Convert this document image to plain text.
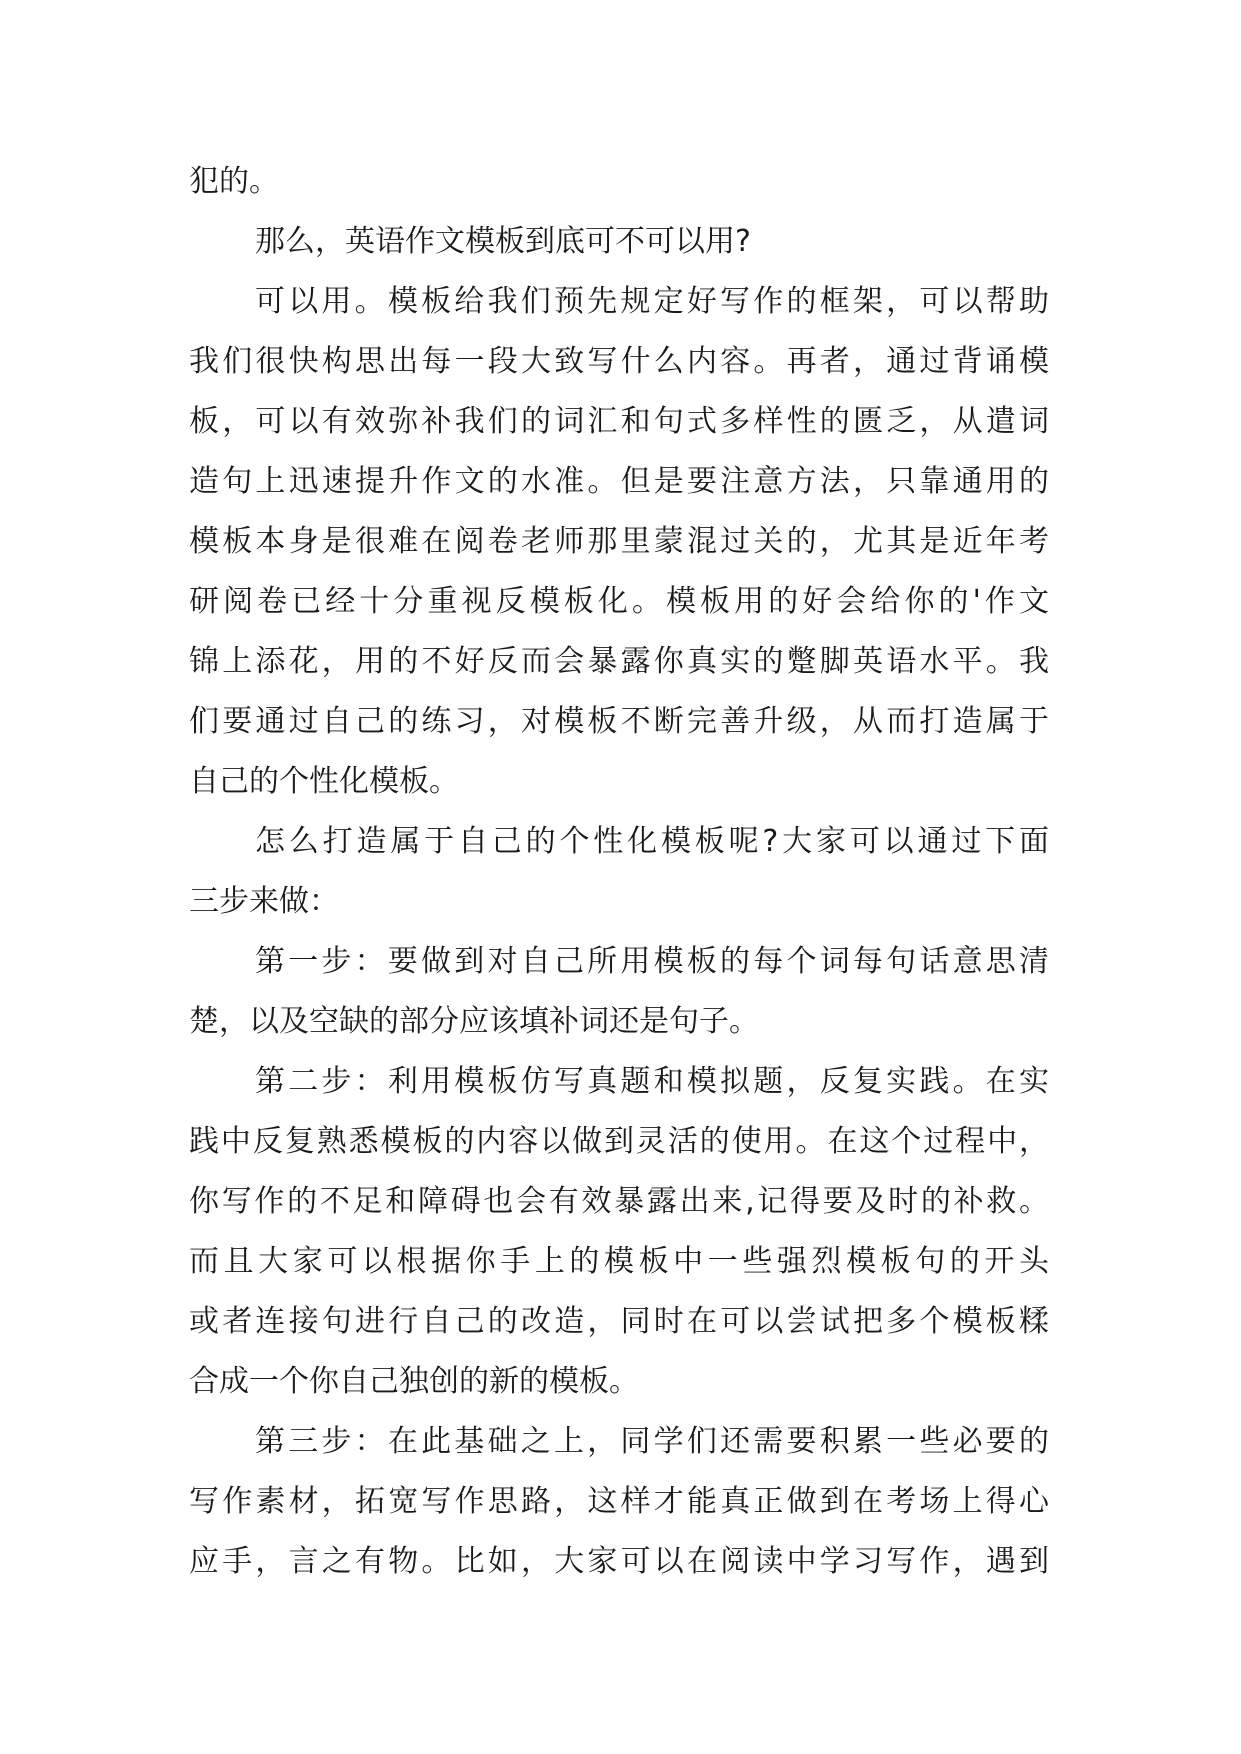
犯的。
那么，英语作文模板到底可不可以用?
可以用。模板给我们预先规定好写作的框架，可以帮助
我们很快构思出每一段大致写什么内容。再者，通过背诵模
板，可以有效弥补我们的词汇和句式多样性的匮乏，从遣词
造句上迅速提升作文的水准。但是要注意方法，只靠通用的
模板本身是很难在阅卷老师那里蒙混过关的，尤其是近年考
研阅卷已经十分重视反模板化。模板用的好会给你的'作文
锦上添花，用的不好反而会暴露你真实的蹩脚英语水平。我
们要通过自己的练习，对模板不断完善升级，从而打造属于
自己的个性化模板。
怎么打造属于自己的个性化模板呢?大家可以通过下面
三步来做：
第一步：要做到对自己所用模板的每个词每句话意思清
楚，以及空缺的部分应该填补词还是句子。
第二步：利用模板仿写真题和模拟题，反复实践。在实
践中反复熟悉模板的内容以做到灵活的使用。在这个过程中，
你写作的不足和障碍也会有效暴露出来,记得要及时的补救。
而且大家可以根据你手上的模板中一些强烈模板句的开头
或者连接句进行自己的改造，同时在可以尝试把多个模板糅
合成一个你自己独创的新的模板。
第三步：在此基础之上，同学们还需要积累一些必要的
写作素材，拓宽写作思路，这样才能真正做到在考场上得心
应手，言之有物。比如，大家可以在阅读中学习写作，遇到
